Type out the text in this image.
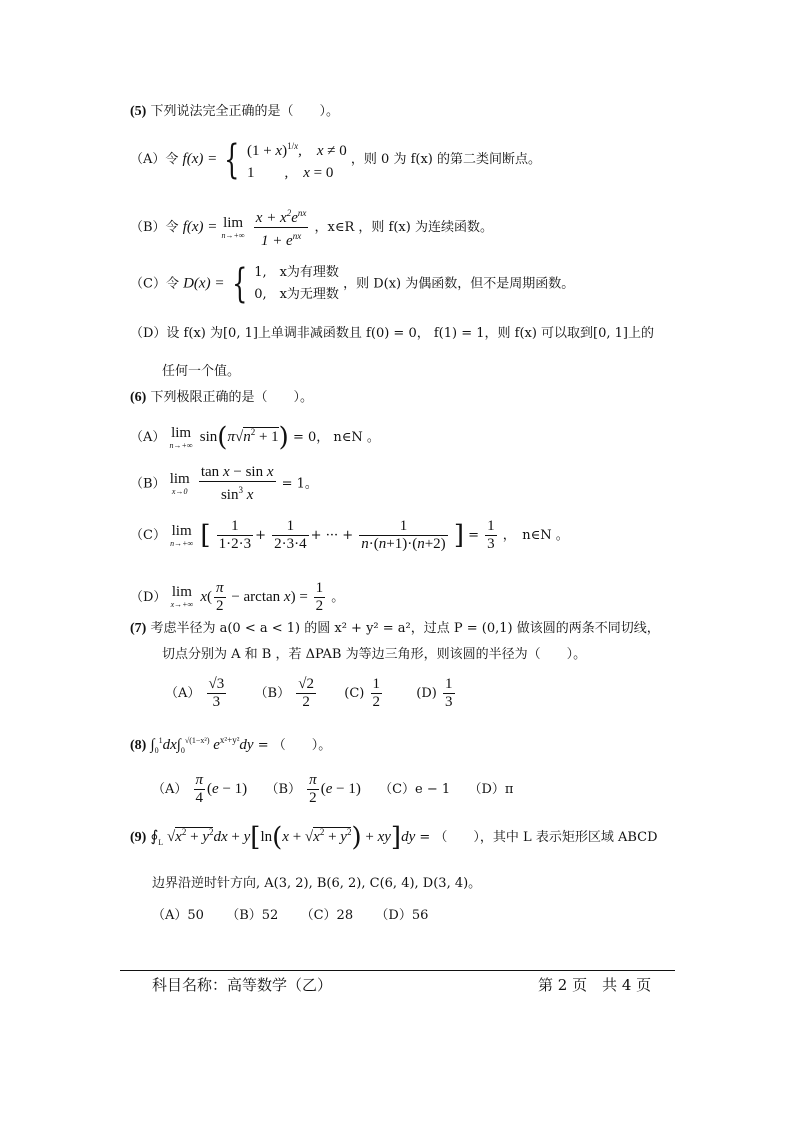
(5) 下列说法完全正确的是（　　）。
（A）令 f(x) = { $(1 + x)^{1/x}$,　x ≠ 0
1　　,　x = 0
，则 0 为 f(x) 的第二类间断点。
（B）令 f(x) = lim
n→+∞
$\frac{x + x^2e^{nx}}{1 + e^{nx}}$ ，x∈R ，则 f(x) 为连续函数。
（C）令 D(x) = { 1,　x为有理数
0,　x为无理数
，则 D(x) 为偶函数，但不是周期函数。
（D）设 f(x) 为[0, 1]上单调非减函数且 f(0) = 0， f(1) = 1，则 f(x) 可以取到[0, 1]上的
任何一个值。
(6) 下列极限正确的是（　　）。
（A） lim
n→+∞ $\sin(\pi√n^2 + 1) = 0$， n∈N 。
（B） lim
x→0
$\frac{\text{tan x − sin x}}{\sin^3 x} = 1$。
（C） lim
n→+∞ [ $\frac{1}{1\cdot 2\cdot 3} + \frac{1}{2\cdot 3\cdot 4}$ + ··· + $\frac{1}{n\cdot(n+1)\cdot(n+2)}$ ] = $\frac{1}{3}$ ，　n∈N 。
（D） lim
x→+∞ $x( \frac{\pi}{2} - \arctan x) = \frac{1}{2}$ 。
(7) 考虑半径为 a(0 < a < 1) 的圆 x² + y² = a²，过点 P = (0,1) 做该圆的两条不同切线，
切点分别为 A 和 B ，若 ΔPAB 为等边三角形，则该圆的半径为（　　）。
$(A) \frac{√3}{3} (B) \frac{√2}{2} (C) \frac{1}{2}$	$(D) \frac{1}{3}$
(8) $\int_0^1dx\int_0^{√(1-x^2)}$ $e^{x^2+y^2}dy$ = （　　）。
$(A) \frac{\pi}{4} (e - 1)$ $(B) \frac{\pi}{2} (e - 1) (C)e - 1$ （D）π
(9) $∮_L$ $√x^2 + y^2dx + y[\ln(x + √x^2 + y^2) + xy]dy$ = （　　），其中 L 表示矩形区域 ABCD
边界沿逆时针方向, A(3, 2), B(6, 2), C(6, 4), D(3, 4)。
（A）50 （B）52 （C）28 （D）56
科目名称：高等数学（乙）	第 2 页　共 4 页
